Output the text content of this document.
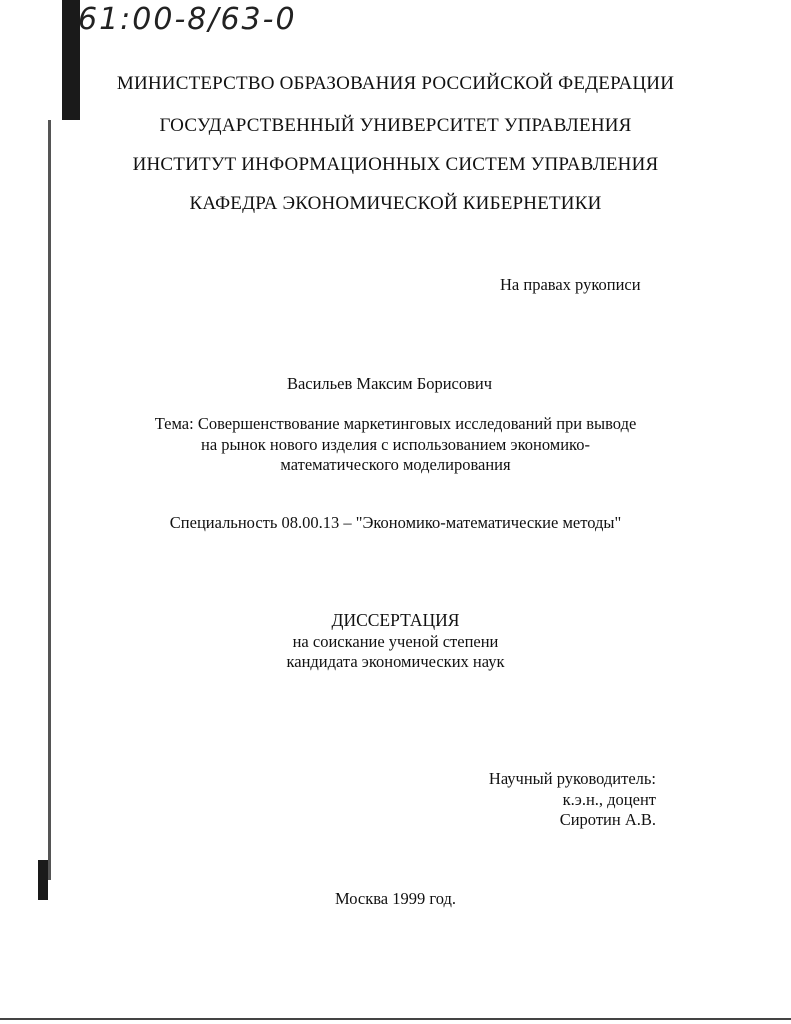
61:00-8/63-0
МИНИСТЕРСТВО ОБРАЗОВАНИЯ РОССИЙСКОЙ ФЕДЕРАЦИИ
ГОСУДАРСТВЕННЫЙ УНИВЕРСИТЕТ УПРАВЛЕНИЯ
ИНСТИТУТ ИНФОРМАЦИОННЫХ СИСТЕМ УПРАВЛЕНИЯ
КАФЕДРА ЭКОНОМИЧЕСКОЙ КИБЕРНЕТИКИ
На правах рукописи
Васильев Максим Борисович
Тема: Совершенствование маркетинговых исследований при выводе
на рынок нового изделия с использованием экономико-
математического моделирования
Специальность 08.00.13 – "Экономико-математические методы"
ДИССЕРТАЦИЯ
на соискание ученой степени
кандидата экономических наук
Научный руководитель:
к.э.н., доцент
Сиротин А.В.
Москва 1999 год.
